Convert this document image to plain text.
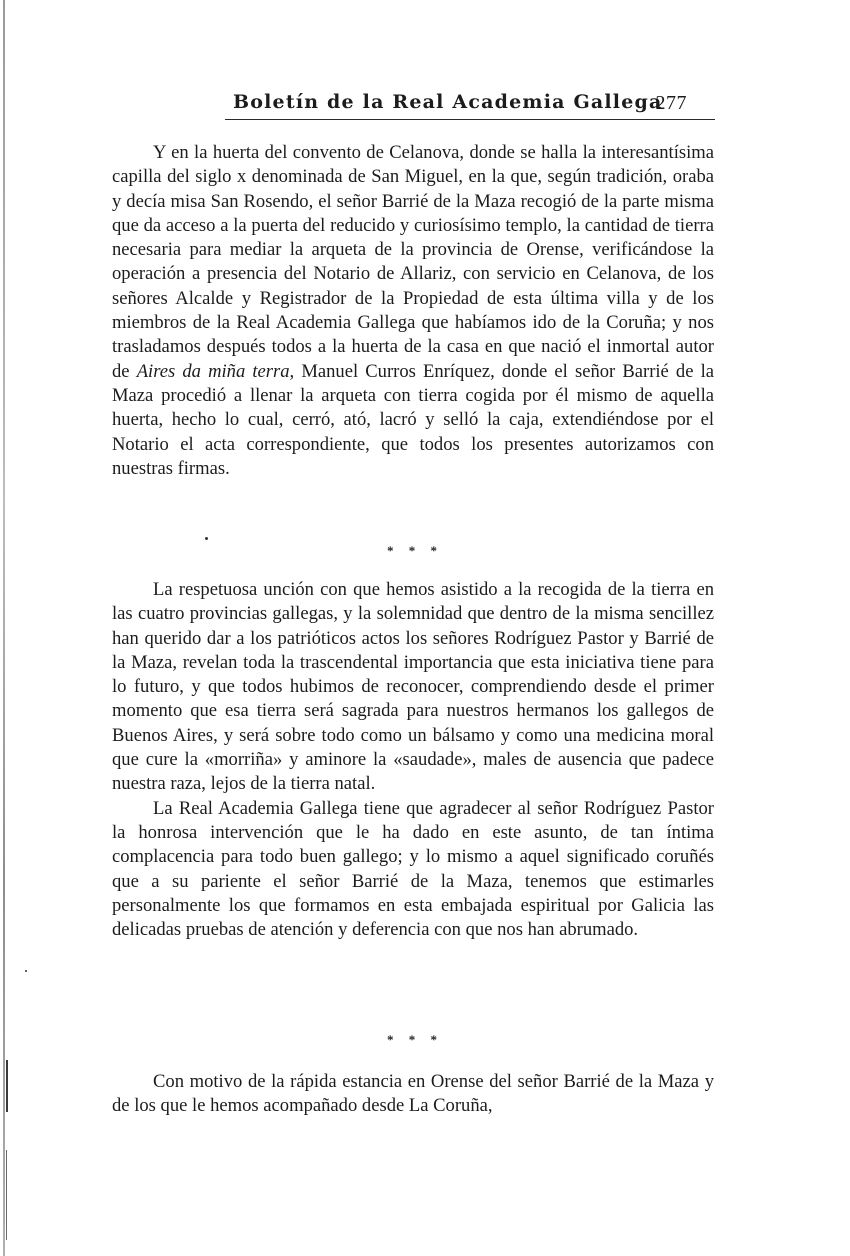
Boletín de la Real Academia Gallega
277

Y en la huerta del convento de Celanova, donde se halla la interesantísima capilla del siglo x denominada de San Miguel, en la que, según tradición, oraba y decía misa San Rosendo, el señor Barrié de la Maza recogió de la parte misma que da acceso a la puerta del reducido y curiosísimo templo, la cantidad de tierra necesaria para mediar la arqueta de la provincia de Orense, verificándose la operación a presencia del Notario de Allariz, con servicio en Celanova, de los señores Alcalde y Registrador de la Propiedad de esta última villa y de los miembros de la Real Academia Gallega que habíamos ido de la Coruña; y nos trasladamos después todos a la huerta de la casa en que nació el inmortal autor de Aires da miña terra, Manuel Curros Enríquez, donde el señor Barrié de la Maza procedió a llenar la arqueta con tierra cogida por él mismo de aquella huerta, hecho lo cual, cerró, ató, lacró y selló la caja, extendiéndose por el Notario el acta correspondiente, que todos los presentes autorizamos con nuestras firmas.

* * *

La respetuosa unción con que hemos asistido a la recogida de la tierra en las cuatro provincias gallegas, y la solemnidad que dentro de la misma sencillez han querido dar a los patrióticos actos los señores Rodríguez Pastor y Barrié de la Maza, revelan toda la trascendental importancia que esta iniciativa tiene para lo futuro, y que todos hubimos de reconocer, comprendiendo desde el primer momento que esa tierra será sagrada para nuestros hermanos los gallegos de Buenos Aires, y será sobre todo como un bálsamo y como una medicina moral que cure la «morriña» y aminore la «saudade», males de ausencia que padece nuestra raza, lejos de la tierra natal.

La Real Academia Gallega tiene que agradecer al señor Rodríguez Pastor la honrosa intervención que le ha dado en este asunto, de tan íntima complacencia para todo buen gallego; y lo mismo a aquel significado coruñés que a su pariente el señor Barrié de la Maza, tenemos que estimarles personalmente los que formamos en esta embajada espiritual por Galicia las delicadas pruebas de atención y deferencia con que nos han abrumado.

* * *

Con motivo de la rápida estancia en Orense del señor Barrié de la Maza y de los que le hemos acompañado desde La Coruña,
